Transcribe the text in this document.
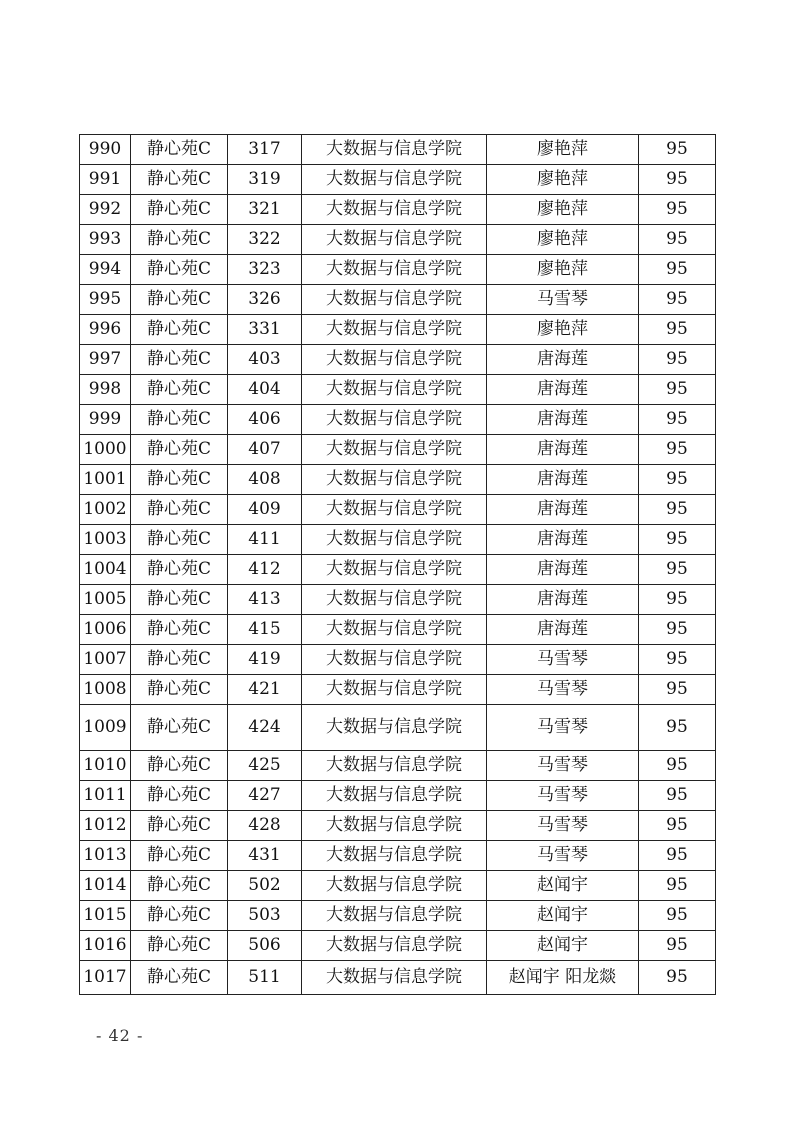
990	静心苑C	317	大数据与信息学院	廖艳萍	95
991	静心苑C	319	大数据与信息学院	廖艳萍	95
992	静心苑C	321	大数据与信息学院	廖艳萍	95
993	静心苑C	322	大数据与信息学院	廖艳萍	95
994	静心苑C	323	大数据与信息学院	廖艳萍	95
995	静心苑C	326	大数据与信息学院	马雪琴	95
996	静心苑C	331	大数据与信息学院	廖艳萍	95
997	静心苑C	403	大数据与信息学院	唐海莲	95
998	静心苑C	404	大数据与信息学院	唐海莲	95
999	静心苑C	406	大数据与信息学院	唐海莲	95
1000	静心苑C	407	大数据与信息学院	唐海莲	95
1001	静心苑C	408	大数据与信息学院	唐海莲	95
1002	静心苑C	409	大数据与信息学院	唐海莲	95
1003	静心苑C	411	大数据与信息学院	唐海莲	95
1004	静心苑C	412	大数据与信息学院	唐海莲	95
1005	静心苑C	413	大数据与信息学院	唐海莲	95
1006	静心苑C	415	大数据与信息学院	唐海莲	95
1007	静心苑C	419	大数据与信息学院	马雪琴	95
1008	静心苑C	421	大数据与信息学院	马雪琴	95
1009	静心苑C	424	大数据与信息学院	马雪琴	95
1010	静心苑C	425	大数据与信息学院	马雪琴	95
1011	静心苑C	427	大数据与信息学院	马雪琴	95
1012	静心苑C	428	大数据与信息学院	马雪琴	95
1013	静心苑C	431	大数据与信息学院	马雪琴	95
1014	静心苑C	502	大数据与信息学院	赵闻宇	95
1015	静心苑C	503	大数据与信息学院	赵闻宇	95
1016	静心苑C	506	大数据与信息学院	赵闻宇	95
1017	静心苑C	511	大数据与信息学院	赵闻宇 阳龙燚	95
- 42 -
